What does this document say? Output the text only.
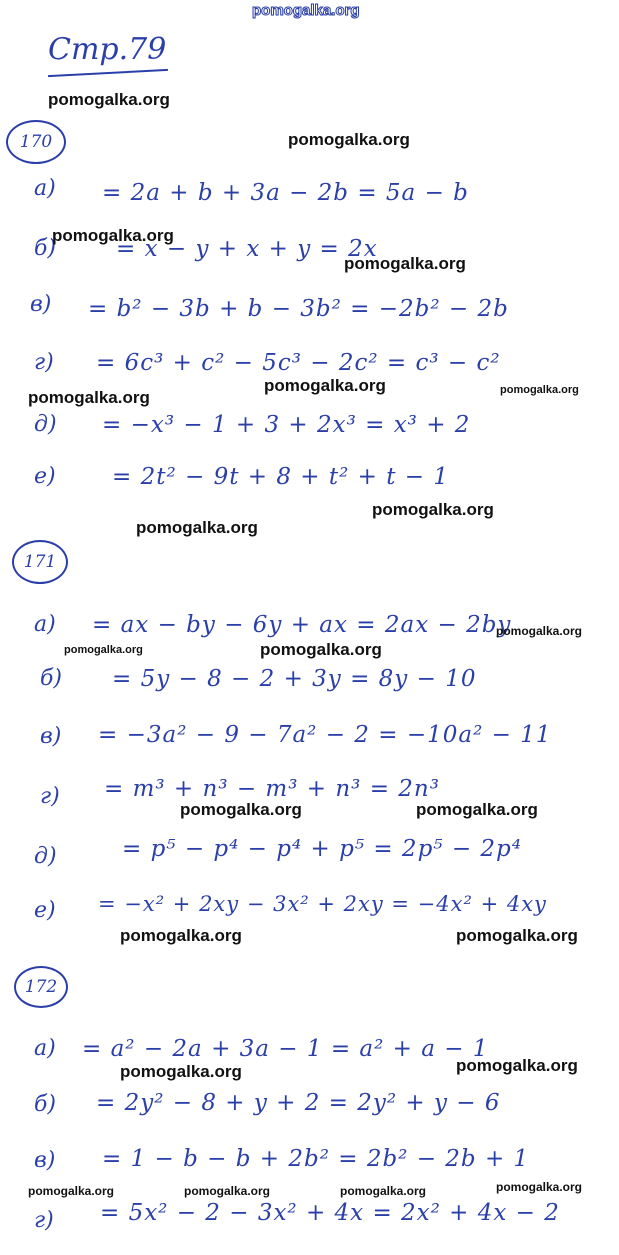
pomogalka.org
Стр.79
170
а) = 2a + b + 3a − 2b = 5a − b
б)	= x − y + x + y = 2x
в) = b² − 3b + b − 3b² = −2b² − 2b
г) = 6c³ + c² − 5c³ − 2c² = c³ − c²
д) = −x³ − 1 + 3 + 2x³ = x³ + 2
е) = 2t² − 9t + 8 + t² + t − 1
171
а) = ax − by − 6y + ax = 2ax − 2by
б) = 5y − 8 − 2 + 3y = 8y − 10
в) = −3a² − 9 − 7a² − 2 = −10a² − 11
г) = m³ + n³ − m³ + n³ = 2n³
д)	= p⁵ − p⁴ − p⁴ + p⁵ = 2p⁵ − 2p⁴
е) = −x² + 2xy − 3x² + 2xy = −4x² + 4xy
172
а) = a² − 2a + 3a − 1 = a² + a − 1
б) = 2y² − 8 + y + 2 = 2y² + y − 6
в) = 1 − b − b + 2b² = 2b² − 2b + 1
г) = 5x² − 2 − 3x² + 4x = 2x² + 4x − 2
pomogalka.org
pomogalka.org
pomogalka.org
pomogalka.org
pomogalka.org
pomogalka.org	pomogalka.org
pomogalka.org
pomogalka.org
pomogalka.org
pomogalka.org	pomogalka.org
pomogalka.org	pomogalka.org
pomogalka.org	pomogalka.org
pomogalka.org	pomogalka.org
pomogalka.org	pomogalka.org	pomogalka.org	pomogalka.org
